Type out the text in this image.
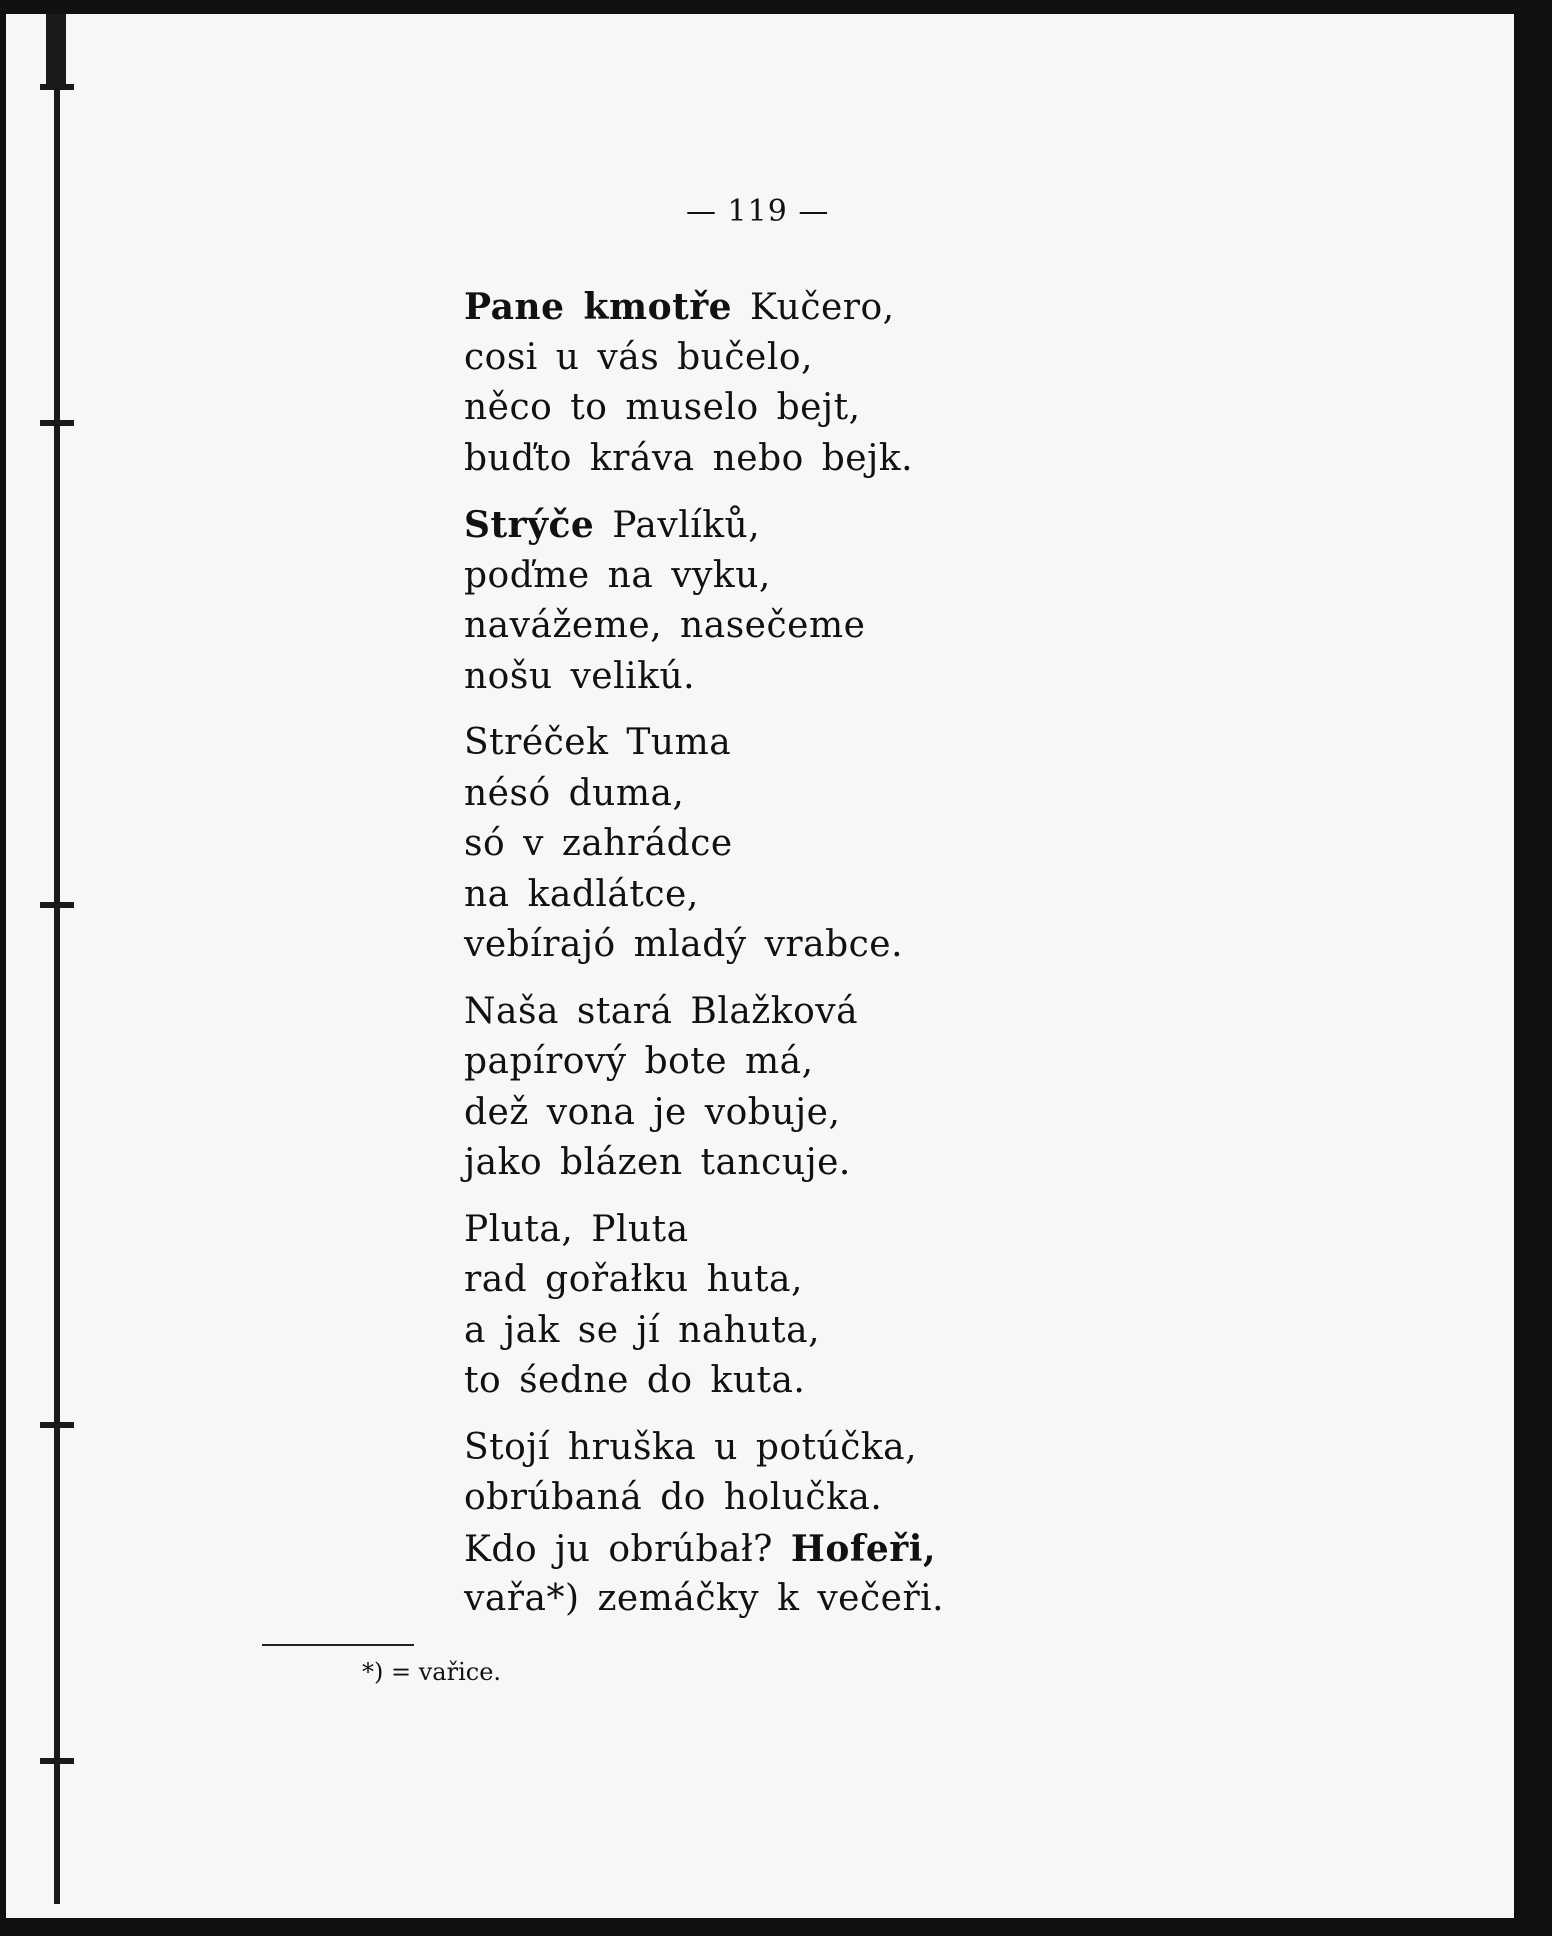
— 119 —
Pane kmotře Kučero,
cosi u vás bučelo,
něco to muselo bejt,
buďto kráva nebo bejk.
Strýče Pavlíků,
poďme na vyku,
navážeme, nasečeme
nošu velikú.
Stréček Tuma
nésó duma,
só v zahrádce
na kadlátce,
vebírajó mladý vrabce.
Naša stará Blažková
papírový bote má,
dež vona je vobuje,
jako blázen tancuje.
Pluta, Pluta
rad gořałku huta,
a jak se jí nahuta,
to śedne do kuta.
Stojí hruška u potúčka,
obrúbaná do holučka.
Kdo ju obrúbał? Hofeři,
vařa*) zemáčky k večeři.
*) = vařice.
